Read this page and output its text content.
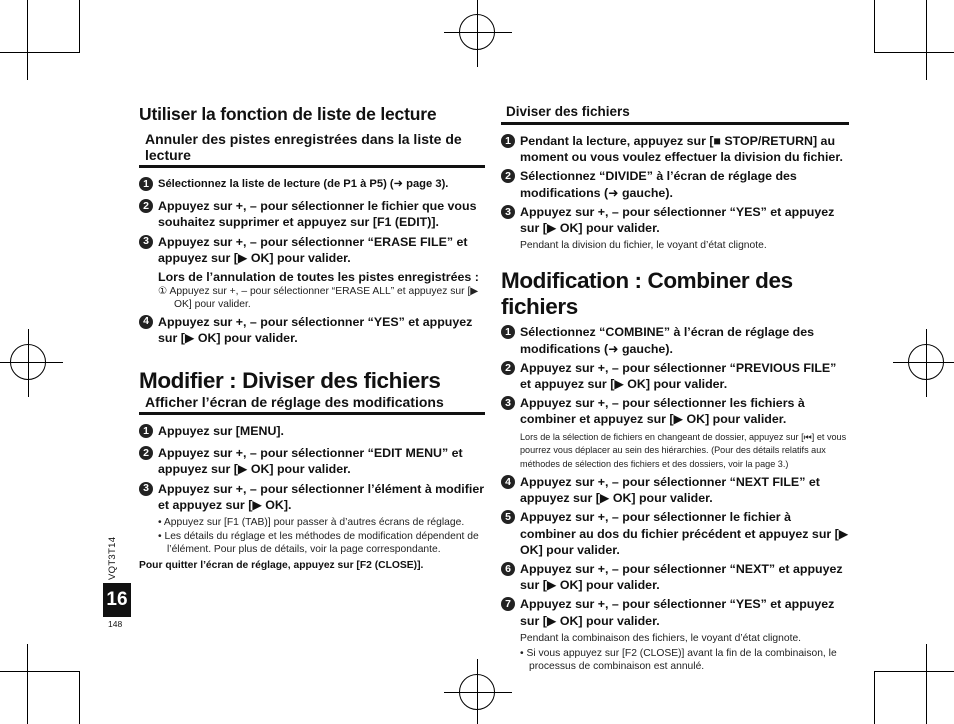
VQT3T14
16
148
Utiliser la fonction de liste de lecture
Annuler des pistes enregistrées dans la liste de lecture
1 Sélectionnez la liste de lecture (de P1 à P5) (➜ page 3).
2 Appuyez sur +, – pour sélectionner le fichier que vous souhaitez supprimer et appuyez sur [F1 (EDIT)].
3 Appuyez sur +, – pour sélectionner “ERASE FILE” et appuyez sur [▶ OK] pour valider.
Lors de l’annulation de toutes les pistes enregistrées :
① Appuyez sur +, – pour sélectionner “ERASE ALL” et appuyez sur [▶ OK] pour valider.
4 Appuyez sur +, – pour sélectionner “YES” et appuyez sur [▶ OK] pour valider.
Modifier : Diviser des fichiers
Afficher l’écran de réglage des modifications
1 Appuyez sur [MENU].
2 Appuyez sur +, – pour sélectionner “EDIT MENU” et appuyez sur [▶ OK] pour valider.
3 Appuyez sur +, – pour sélectionner l’élément à modifier et appuyez sur [▶ OK].
• Appuyez sur [F1 (TAB)] pour passer à d’autres écrans de réglage.
• Les détails du réglage et les méthodes de modification dépendent de l’élément. Pour plus de détails, voir la page correspondante.
Pour quitter l’écran de réglage, appuyez sur [F2 (CLOSE)].
Diviser des fichiers
1 Pendant la lecture, appuyez sur [■ STOP/RETURN] au moment ou vous voulez effectuer la division du fichier.
2 Sélectionnez “DIVIDE” à l’écran de réglage des modifications (➜ gauche).
3 Appuyez sur +, – pour sélectionner “YES” et appuyez sur [▶ OK] pour valider.
Pendant la division du fichier, le voyant d’état clignote.
Modification : Combiner des fichiers
1 Sélectionnez “COMBINE” à l’écran de réglage des modifications (➜ gauche).
2 Appuyez sur +, – pour sélectionner “PREVIOUS FILE” et appuyez sur [▶ OK] pour valider.
3 Appuyez sur +, – pour sélectionner les fichiers à combiner et appuyez sur [▶ OK] pour valider.
Lors de la sélection de fichiers en changeant de dossier, appuyez sur [⏮] et vous pourrez vous déplacer au sein des hiérarchies. (Pour des détails relatifs aux méthodes de sélection des fichiers et des dossiers, voir la page 3.)
4 Appuyez sur +, – pour sélectionner “NEXT FILE” et appuyez sur [▶ OK] pour valider.
5 Appuyez sur +, – pour sélectionner le fichier à combiner au dos du fichier précédent et appuyez sur [▶ OK] pour valider.
6 Appuyez sur +, – pour sélectionner “NEXT” et appuyez sur [▶ OK] pour valider.
7 Appuyez sur +, – pour sélectionner “YES” et appuyez sur [▶ OK] pour valider.
Pendant la combinaison des fichiers, le voyant d’état clignote.
• Si vous appuyez sur [F2 (CLOSE)] avant la fin de la combinaison, le processus de combinaison est annulé.
